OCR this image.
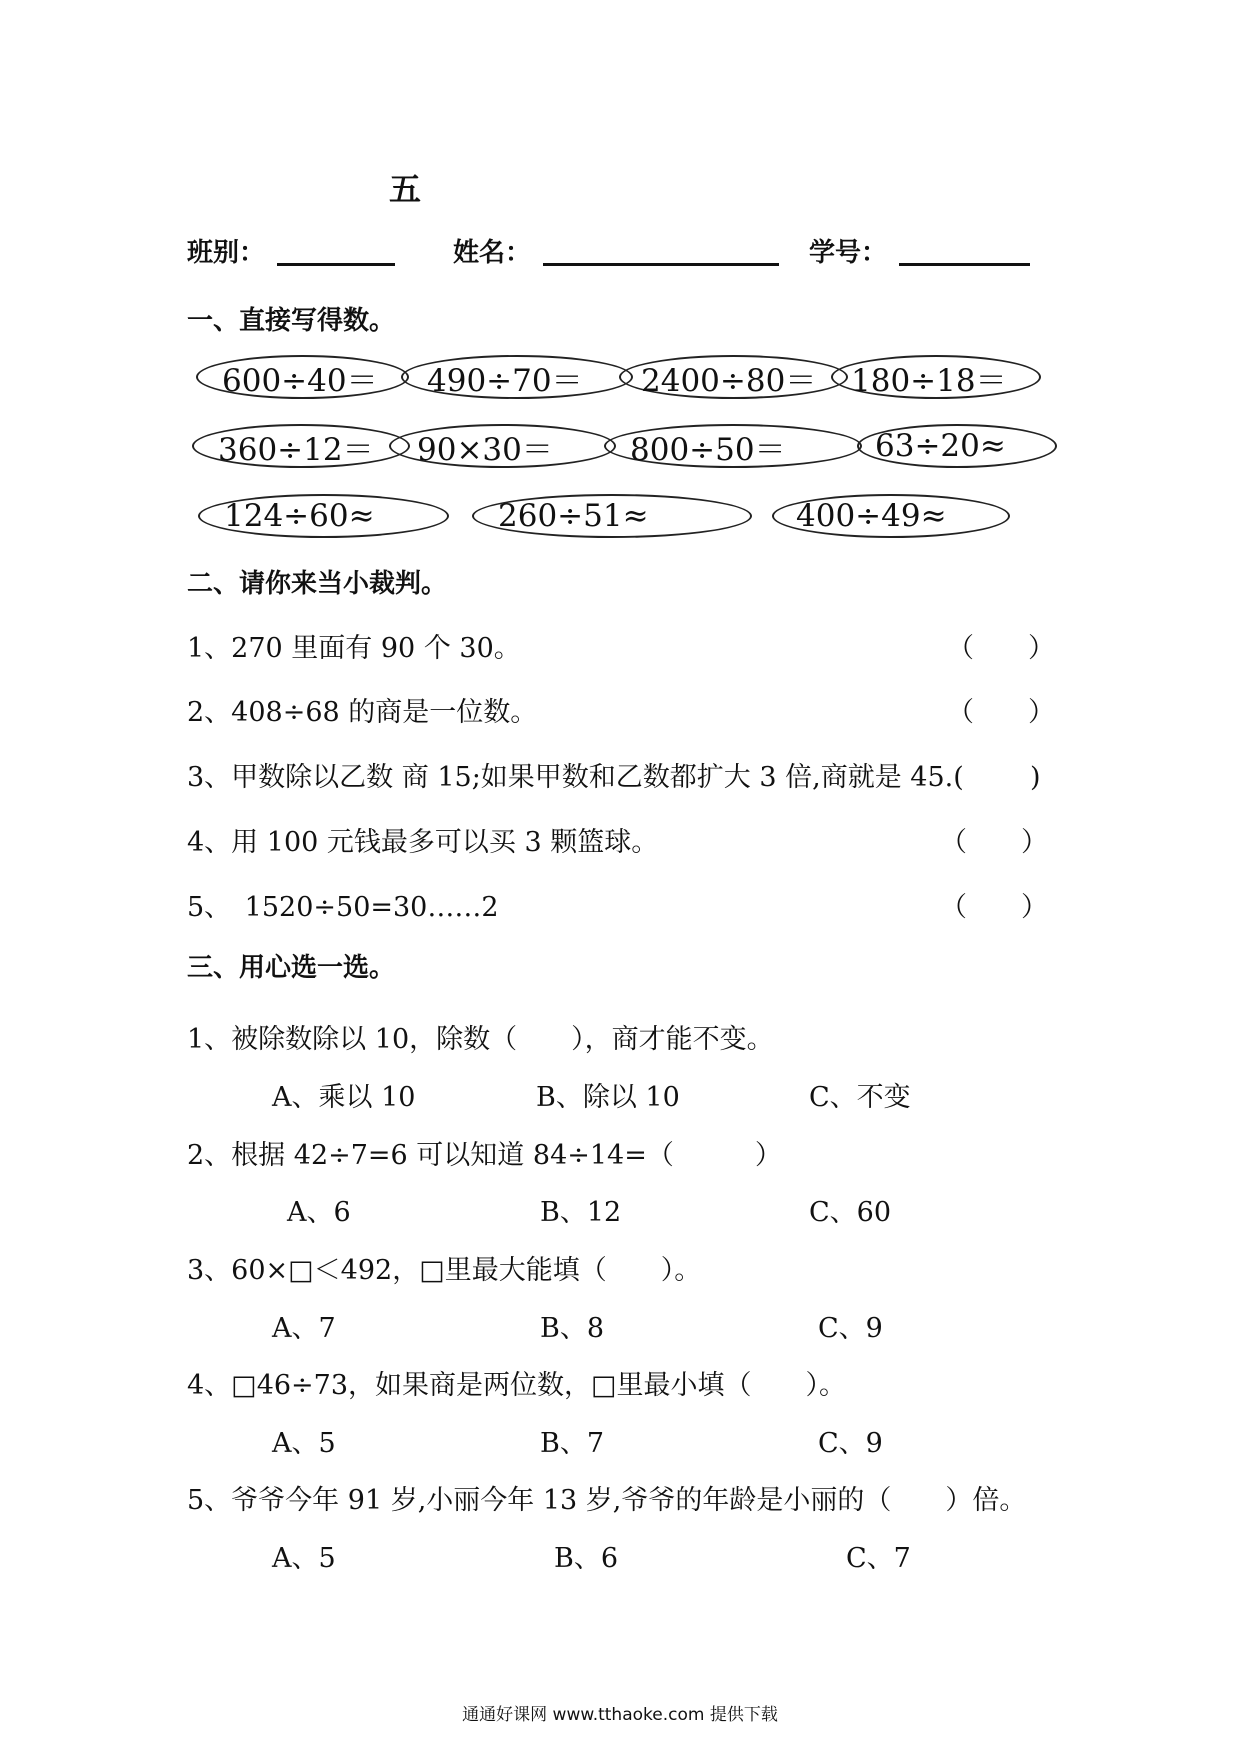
五
班别：	姓名：	学号：
一、直接写得数。
600÷40＝	490÷70＝	2400÷80＝	180÷18＝
360÷12＝	90×30＝	800÷50＝	63÷20≈
124÷60≈	260÷51≈	400÷49≈
二、请你来当小裁判。
1、270 里面有 90 个 30。	（　　）
2、408÷68 的商是一位数。	（　　）
3、甲数除以乙数 商 15;如果甲数和乙数都扩大 3 倍,商就是 45.( 　)
4、用 100 元钱最多可以买 3 颗篮球。	（　　）
5、　1520÷50=30……2	（　　）
三、用心选一选。
1、被除数除以 10，除数（　　），商才能不变。
A、乘以 10	B、除以 10	C、不变
2、根据 42÷7=6 可以知道 84÷14=（　　　）
A、6	B、12	C、60
3、60×□＜492，□里最大能填（　　）。
A、7	B、8	C、9
4、□46÷73，如果商是两位数，□里最小填（　　）。
A、5	B、7	C、9
5、爷爷今年 91 岁,小丽今年 13 岁,爷爷的年龄是小丽的（　　）倍。
A、5	B、6	C、7
通通好课网 www.tthaoke.com 提供下载
